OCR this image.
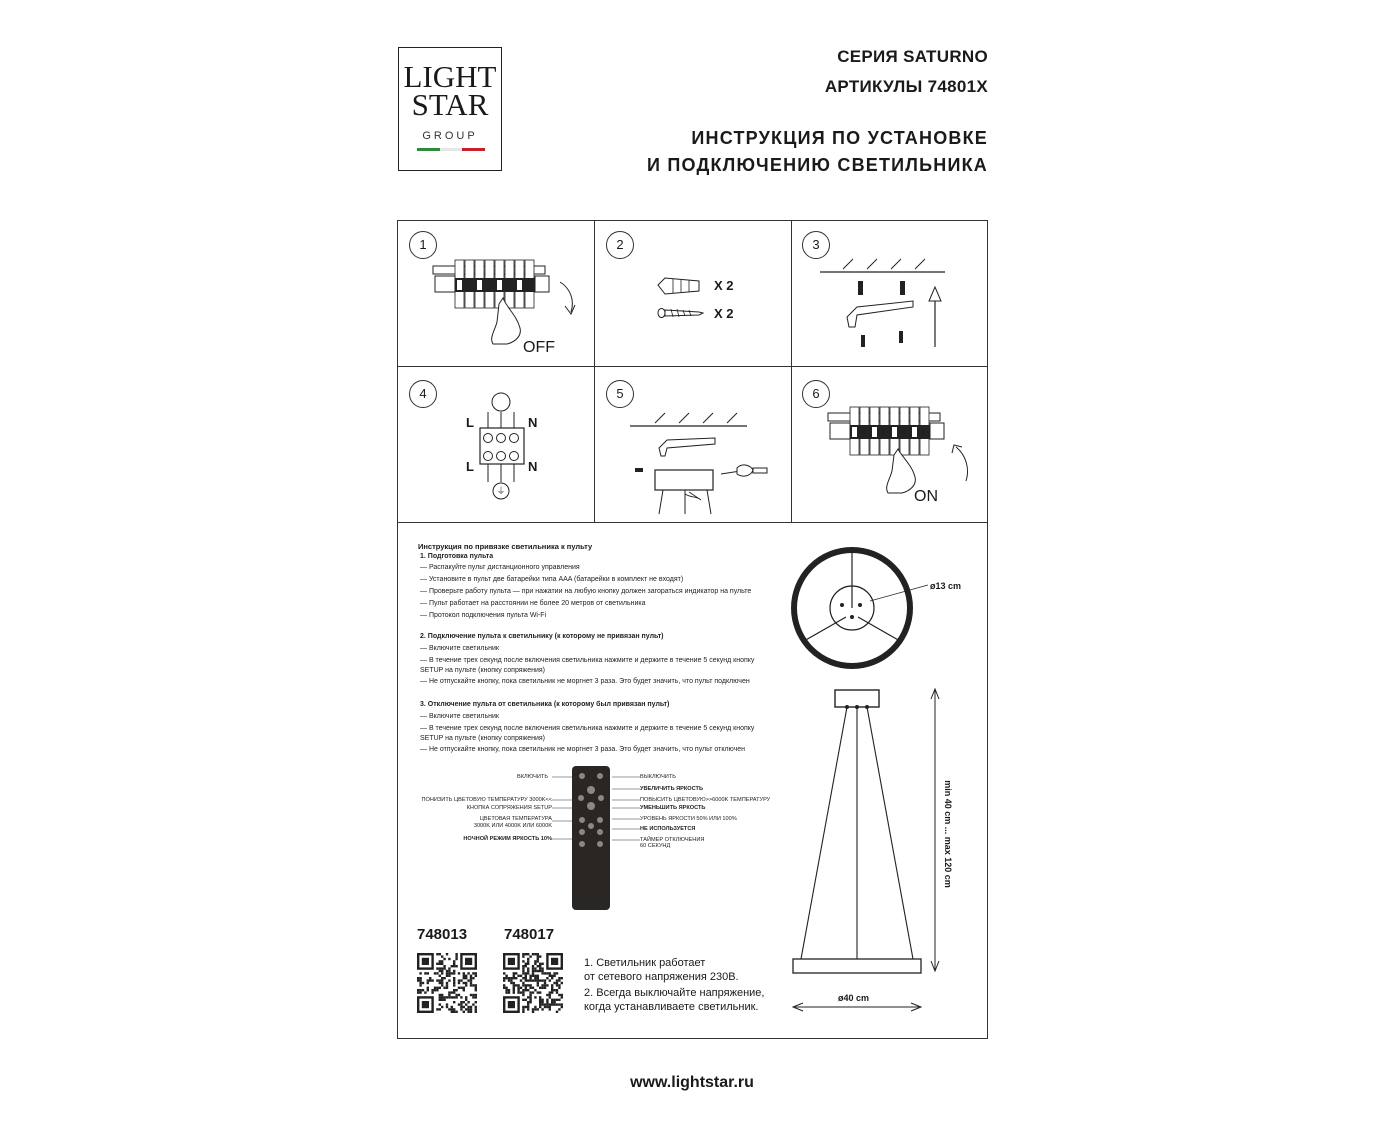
LIGHT
STAR
GROUP
СЕРИЯ SATURNO
АРТИКУЛЫ 74801X
ИНСТРУКЦИЯ ПО УСТАНОВКЕ
И ПОДКЛЮЧЕНИЮ СВЕТИЛЬНИКА
1	2	3
4	5	6
OFF
X 2
X 2
⏚
L	N
L	N
ON
Инструкция по привязке светильника к пульту
1. Подготовка пульта
— Распакуйте пульт дистанционного управления
— Установите в пульт две батарейки типа AAA (батарейки в комплект не входят)
— Проверьте работу пульта — при нажатии на любую кнопку должен загораться индикатор на пульте
— Пульт работает на расстоянии не более 20 метров от светильника
— Протокол подключения пульта Wi-Fi
2. Подключение пульта к светильнику (к которому не привязан пульт)
— Включите светильник
— В течение трех секунд после включения светильника нажмите и держите в течение 5 секунд кнопку
SETUP на пульте (кнопку сопряжения)
— Не отпускайте кнопку, пока светильник не моргнет 3 раза. Это будет значить, что пульт подключен
3. Отключение пульта от светильника (к которому был привязан пульт)
— Включите светильник
— В течение трех секунд после включения светильника нажмите и держите в течение 5 секунд кнопку
SETUP на пульте (кнопку сопряжения)
— Не отпускайте кнопку, пока светильник не моргнет 3 раза. Это будет значить, что пульт отключен
ВКЛЮЧИТЬ
ПОНИЗИТЬ ЦВЕТОВУЮ ТЕМПЕРАТУРУ 3000K<<
КНОПКА СОПРЯЖЕНИЯ SETUP
ЦВЕТОВАЯ ТЕМПЕРАТУРА
3000K ИЛИ 4000K ИЛИ 6000K
НОЧНОЙ РЕЖИМ ЯРКОСТЬ 10%
ВЫКЛЮЧИТЬ
УВЕЛИЧИТЬ ЯРКОСТЬ
ПОВЫСИТЬ ЦВЕТОВУЮ>>6000K ТЕМПЕРАТУРУ
УМЕНЬШИТЬ ЯРКОСТЬ
УРОВЕНЬ ЯРКОСТИ 50% ИЛИ 100%
НЕ ИСПОЛЬЗУЕТСЯ
ТАЙМЕР ОТКЛЮЧЕНИЯ
60 СЕКУНД
ø13 cm
min 40 cm ... max 120 cm
ø40 cm
748013 748017
1. Светильник работает
от сетевого напряжения 230В.
2. Всегда выключайте напряжение,
когда устанавливаете светильник.
www.lightstar.ru
